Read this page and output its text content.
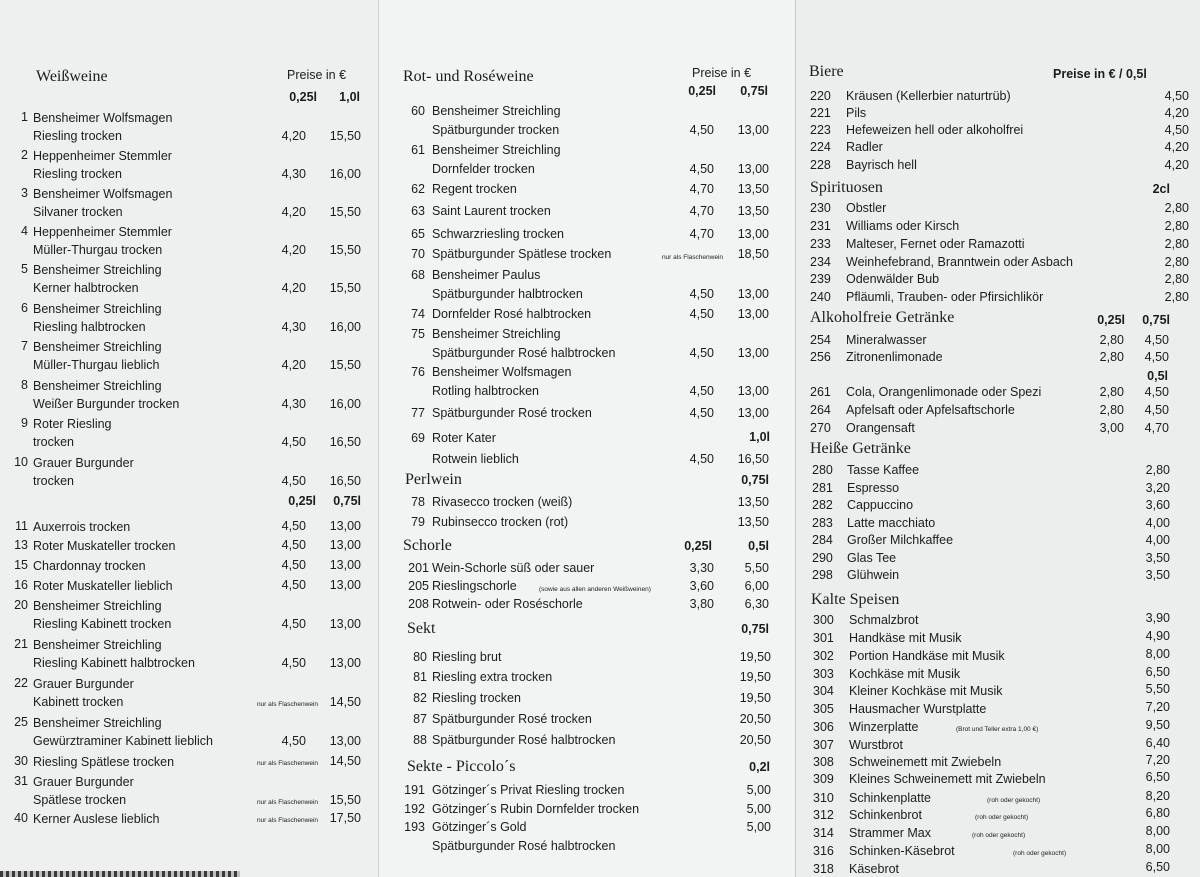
Weißweine	Preise in €
0,25l 1,0l
1 Bensheimer Wolfsmagen
Riesling trocken	4,20 15,50
2 Heppenheimer Stemmler
Riesling trocken	4,30 16,00
3 Bensheimer Wolfsmagen
Silvaner trocken	4,20 15,50
4 Heppenheimer Stemmler
Müller-Thurgau trocken	4,20 15,50
5 Bensheimer Streichling
Kerner halbtrocken	4,20 15,50
6 Bensheimer Streichling
Riesling halbtrocken	4,30 16,00
7 Bensheimer Streichling
Müller-Thurgau lieblich	4,20 15,50
8 Bensheimer Streichling
Weißer Burgunder trocken	4,30 16,00
9 Roter Riesling
trocken	4,50 16,50
10 Grauer Burgunder
trocken	4,50 16,50
11 Auxerrois trocken	4,50 13,00
13 Roter Muskateller trocken	4,50 13,00
15 Chardonnay trocken	4,50 13,00
16 Roter Muskateller lieblich	4,50 13,00
20 Bensheimer Streichling
Riesling Kabinett trocken	4,50 13,00
21 Bensheimer Streichling
Riesling Kabinett halbtrocken	4,50 13,00
22 Grauer Burgunder
Kabinett trocken	nur als Flaschenwein 14,50
25 Bensheimer Streichling
Gewürztraminer Kabinett lieblich	4,50 13,00
30 Riesling Spätlese trocken	nur als Flaschenwein 14,50
31 Grauer Burgunder
Spätlese trocken	nur als Flaschenwein 15,50
40 Kerner Auslese lieblich	nur als Flaschenwein 17,50
0,25l 0,75l
Rot- und Roséweine	Preise in €
0,25l 0,75l
60 Bensheimer Streichling
Spätburgunder trocken	4,50 13,00
61 Bensheimer Streichling
Dornfelder trocken	4,50 13,00
62 Regent trocken	4,70 13,50
63 Saint Laurent trocken	4,70 13,50
65 Schwarzriesling trocken	4,70 13,00
70 Spätburgunder Spätlese trocken	nur als Flaschenwein 18,50
68 Bensheimer Paulus
Spätburgunder halbtrocken	4,50 13,00
74 Dornfelder Rosé halbtrocken	4,50 13,00
75 Bensheimer Streichling
Spätburgunder Rosé halbtrocken	4,50 13,00
76 Bensheimer Wolfsmagen
Rotling halbtrocken	4,50 13,00
77 Spätburgunder Rosé trocken	4,50 13,00
69 Roter Kater	1,0l
Rotwein lieblich	4,50 16,50
Perlwein	0,75l
78 Rivasecco trocken (weiß)	13,50
79 Rubinsecco trocken (rot)	13,50
Schorle	0,25l	0,5l
201 Wein-Schorle süß oder sauer	3,30 5,50
205 Rieslingschorle	(sowie aus allen anderen Weißweinen)	3,60 6,00
208 Rotwein- oder Roséschorle	3,80 6,30
Sekt	0,75l
80 Riesling brut	19,50
81 Riesling extra trocken	19,50
82 Riesling trocken	19,50
87 Spätburgunder Rosé trocken	20,50
88 Spätburgunder Rosé halbtrocken	20,50
Sekte - Piccolo´s	0,2l
191 Götzinger´s Privat Riesling trocken	5,00
192 Götzinger´s Rubin Dornfelder trocken	5,00
193 Götzinger´s Gold	5,00
Spätburgunder Rosé halbtrocken
Biere	Preise in € / 0,5l
220 Kräusen (Kellerbier naturtrüb)	4,50
221 Pils	4,20
223 Hefeweizen hell oder alkoholfrei	4,50
224 Radler	4,20
228 Bayrisch hell	4,20
Spirituosen	2cl
230 Obstler	2,80
231 Williams oder Kirsch	2,80
233 Malteser, Fernet oder Ramazotti	2,80
234 Weinhefebrand, Branntwein oder Asbach	2,80
239 Odenwälder Bub	2,80
240 Pfläumli, Trauben- oder Pfirsichlikör	2,80
Alkoholfreie Getränke	0,25l 0,75l
0,5l
254 Mineralwasser	2,80 4,50
256 Zitronenlimonade	2,80 4,50
261 Cola, Orangenlimonade oder Spezi	2,80 4,50
264 Apfelsaft oder Apfelsaftschorle	2,80 4,50
270 Orangensaft	3,00 4,70
Heiße Getränke
280 Tasse Kaffee	2,80
281 Espresso	3,20
282 Cappuccino	3,60
283 Latte macchiato	4,00
284 Großer Milchkaffee	4,00
290 Glas Tee	3,50
298 Glühwein	3,50
Kalte Speisen
300 Schmalzbrot	3,90
301 Handkäse mit Musik	4,90
302 Portion Handkäse mit Musik	8,00
303 Kochkäse mit Musik	6,50
304 Kleiner Kochkäse mit Musik	5,50
305 Hausmacher Wurstplatte	7,20
306 Winzerplatte	(Brot und Teller extra 1,00 €)	9,50
307 Wurstbrot	6,40
308 Schweinemett mit Zwiebeln	7,20
309 Kleines Schweinemett mit Zwiebeln	6,50
310 Schinkenplatte	(roh oder gekocht)	8,20
312 Schinkenbrot	(roh oder gekocht)	6,80
314 Strammer Max	(roh oder gekocht)	8,00
316 Schinken-Käsebrot	(roh oder gekocht)	8,00
318 Käsebrot	6,50
